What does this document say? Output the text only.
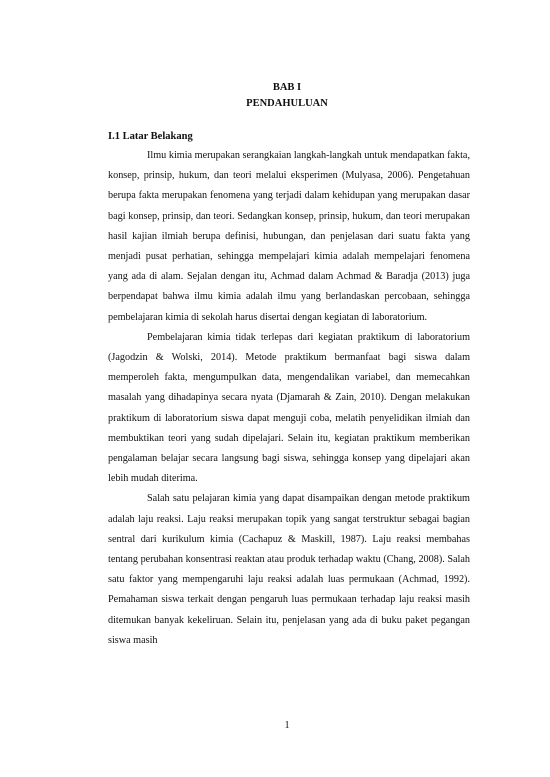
BAB I
PENDAHULUAN
I.1 Latar Belakang

Ilmu kimia merupakan serangkaian langkah-langkah untuk mendapatkan fakta, konsep, prinsip, hukum, dan teori melalui eksperimen (Mulyasa, 2006). Pengetahuan berupa fakta merupakan fenomena yang terjadi dalam kehidupan yang merupakan dasar bagi konsep, prinsip, dan teori. Sedangkan konsep, prinsip, hukum, dan teori merupakan hasil kajian ilmiah berupa definisi, hubungan, dan penjelasan dari suatu fakta yang menjadi pusat perhatian, sehingga mempelajari kimia adalah mempelajari fenomena yang ada di alam. Sejalan dengan itu, Achmad dalam Achmad & Baradja (2013) juga berpendapat bahwa ilmu kimia adalah ilmu yang berlandaskan percobaan, sehingga pembelajaran kimia di sekolah harus disertai dengan kegiatan di laboratorium.

Pembelajaran kimia tidak terlepas dari kegiatan praktikum di laboratorium (Jagodzin & Wolski, 2014). Metode praktikum bermanfaat bagi siswa dalam memperoleh fakta, mengumpulkan data, mengendalikan variabel, dan memecahkan masalah yang dihadapinya secara nyata (Djamarah & Zain, 2010). Dengan melakukan praktikum di laboratorium siswa dapat menguji coba, melatih penyelidikan ilmiah dan membuktikan teori yang sudah dipelajari. Selain itu, kegiatan praktikum memberikan pengalaman belajar secara langsung bagi siswa, sehingga konsep yang dipelajari akan lebih mudah diterima.

Salah satu pelajaran kimia yang dapat disampaikan dengan metode praktikum adalah laju reaksi. Laju reaksi merupakan topik yang sangat terstruktur sebagai bagian sentral dari kurikulum kimia (Cachapuz & Maskill, 1987). Laju reaksi membahas tentang perubahan konsentrasi reaktan atau produk terhadap waktu (Chang, 2008). Salah satu faktor yang mempengaruhi laju reaksi adalah luas permukaan (Achmad, 1992). Pemahaman siswa terkait dengan pengaruh luas permukaan terhadap laju reaksi masih ditemukan banyak kekeliruan. Selain itu, penjelasan yang ada di buku paket pegangan siswa masih

1
